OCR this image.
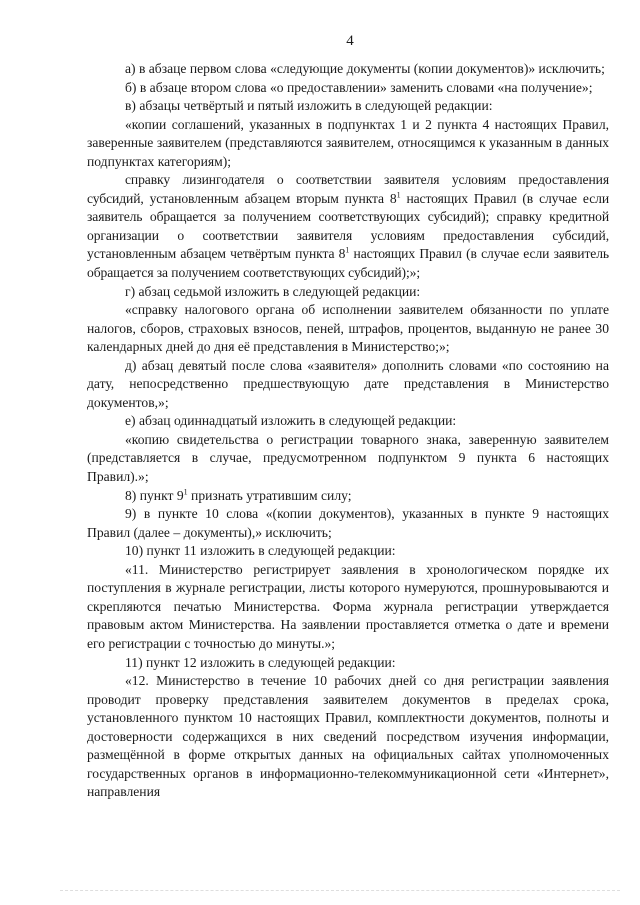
4

а) в абзаце первом слова «следующие документы (копии документов)» исключить;

б) в абзаце втором слова «о предоставлении» заменить словами «на получение»;

в) абзацы четвёртый и пятый изложить в следующей редакции:

«копии соглашений, указанных в подпунктах 1 и 2 пункта 4 настоящих Правил, заверенные заявителем (представляются заявителем, относящимся к указанным в данных подпунктах категориям);

справку лизингодателя о соответствии заявителя условиям предоставления субсидий, установленным абзацем вторым пункта $8^1$ настоящих Правил (в случае если заявитель обращается за получением соответствующих субсидий); справку кредитной организации о соответствии заявителя условиям предоставления субсидий, установленным абзацем четвёртым пункта $8^1$ настоящих Правил (в случае если заявитель обращается за получением соответствующих субсидий);»;

г) абзац седьмой изложить в следующей редакции:

«справку налогового органа об исполнении заявителем обязанности по уплате налогов, сборов, страховых взносов, пеней, штрафов, процентов, выданную не ранее 30 календарных дней до дня её представления в Министерство;»;

д) абзац девятый после слова «заявителя» дополнить словами «по состоянию на дату, непосредственно предшествующую дате представления в Министерство документов,»;

е) абзац одиннадцатый изложить в следующей редакции:

«копию свидетельства о регистрации товарного знака, заверенную заявителем (представляется в случае, предусмотренном подпунктом 9 пункта 6 настоящих Правил).»;

8) пункт $9^1$ признать утратившим силу;

9) в пункте 10 слова «(копии документов), указанных в пункте 9 настоящих Правил (далее – документы),» исключить;

10) пункт 11 изложить в следующей редакции:

«11. Министерство регистрирует заявления в хронологическом порядке их поступления в журнале регистрации, листы которого нумеруются, прошнуровываются и скрепляются печатью Министерства. Форма журнала регистрации утверждается правовым актом Министерства. На заявлении проставляется отметка о дате и времени его регистрации с точностью до минуты.»;

11) пункт 12 изложить в следующей редакции:

«12. Министерство в течение 10 рабочих дней со дня регистрации заявления проводит проверку представления заявителем документов в пределах срока, установленного пунктом 10 настоящих Правил, комплектности документов, полноты и достоверности содержащихся в них сведений посредством изучения информации, размещённой в форме открытых данных на официальных сайтах уполномоченных государственных органов в информационно-телекоммуникационной сети «Интернет», направления
